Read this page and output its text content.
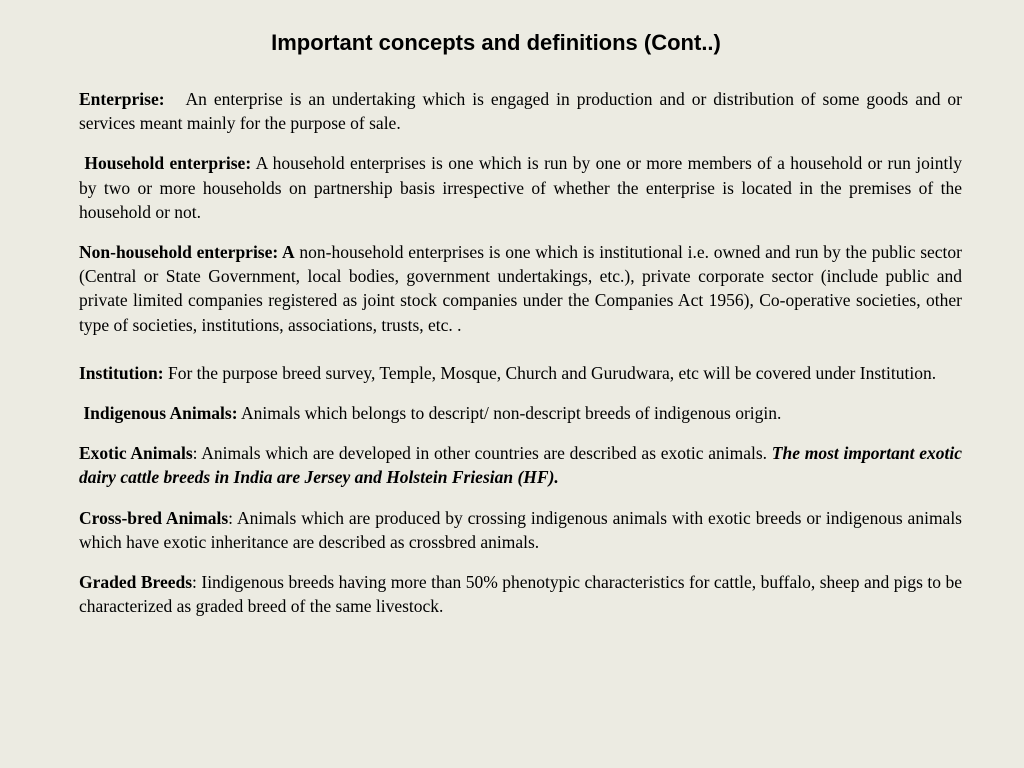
Important concepts and definitions (Cont..)

Enterprise: An enterprise is an undertaking which is engaged in production and or distribution of some goods and or services meant mainly for the purpose of sale.

Household enterprise: A household enterprises is one which is run by one or more members of a household or run jointly by two or more households on partnership basis irrespective of whether the enterprise is located in the premises of the household or not.

Non-household enterprise: A non-household enterprises is one which is institutional i.e. owned and run by the public sector (Central or State Government, local bodies, government undertakings, etc.), private corporate sector (include public and private limited companies registered as joint stock companies under the Companies Act 1956), Co-operative societies, other type of societies, institutions, associations, trusts, etc. .

Institution: For the purpose breed survey, Temple, Mosque, Church and Gurudwara, etc will be covered under Institution.

Indigenous Animals: Animals which belongs to descript/ non-descript breeds of indigenous origin.

Exotic Animals: Animals which are developed in other countries are described as exotic animals. The most important exotic dairy cattle breeds in India are Jersey and Holstein Friesian (HF).

Cross-bred Animals: Animals which are produced by crossing indigenous animals with exotic breeds or indigenous animals which have exotic inheritance are described as crossbred animals.

Graded Breeds: Iindigenous breeds having more than 50% phenotypic characteristics for cattle, buffalo, sheep and pigs to be characterized as graded breed of the same livestock.
